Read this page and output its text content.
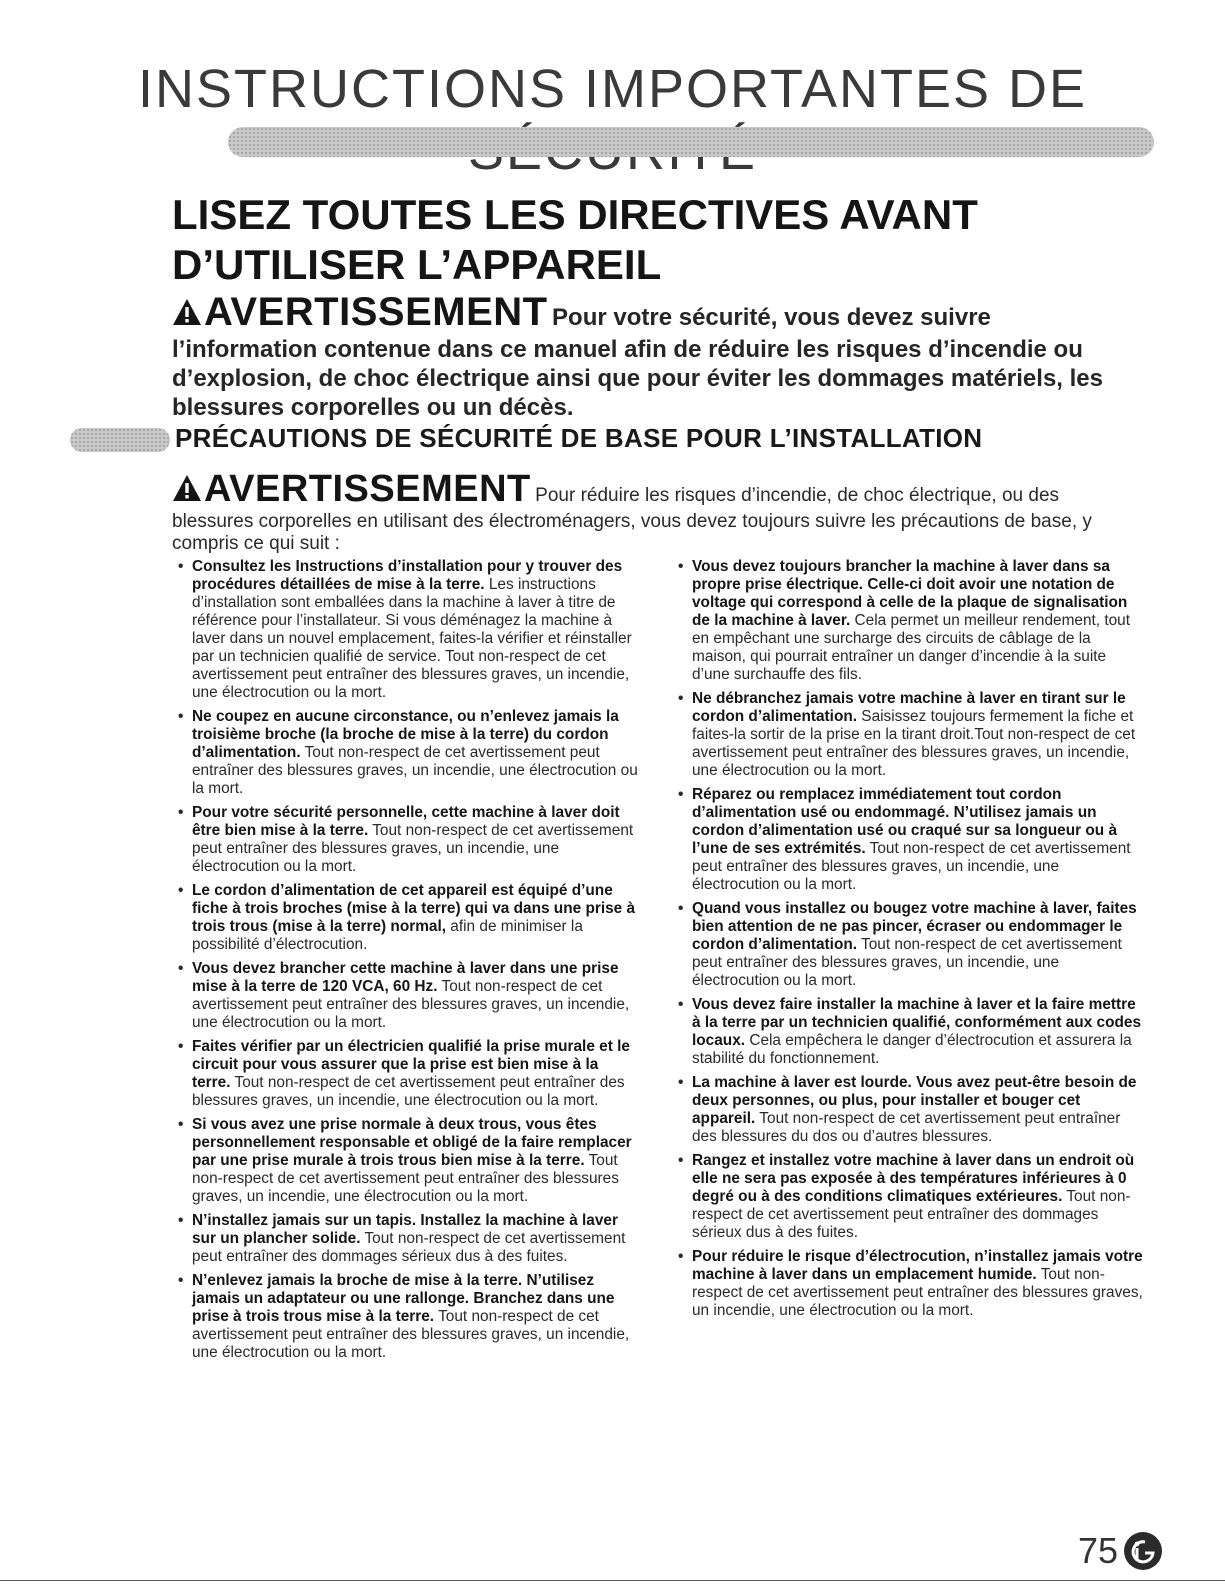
INSTRUCTIONS IMPORTANTES DE
LISEZ TOUTES LES DIRECTIVES AVANT
D’UTILISER L’APPAREIL

AVERTISSEMENT Pour votre sécurité, vous devez suivre l’information contenue dans ce manuel afin de réduire les risques d’incendie ou d’explosion, de choc électrique ainsi que pour éviter les dommages matériels, les blessures corporelles ou un décès.

PRÉCAUTIONS DE SÉCURITÉ DE BASE POUR L’INSTALLATION

AVERTISSEMENT Pour réduire les risques d’incendie, de choc électrique, ou des blessures corporelles en utilisant des électroménagers, vous devez toujours suivre les précautions de base, y compris ce qui suit :

• Consultez les Instructions d’installation pour y trouver des procédures détaillées de mise à la terre. Les instructions d’installation sont emballées dans la machine à laver à titre de référence pour l’installateur. Si vous déménagez la machine à laver dans un nouvel emplacement, faites-la vérifier et réinstaller par un technicien qualifié de service. Tout non-respect de cet avertissement peut entraîner des blessures graves, un incendie, une électrocution ou la mort.

• Ne coupez en aucune circonstance, ou n’enlevez jamais la troisième broche (la broche de mise à la terre) du cordon d’alimentation. Tout non-respect de cet avertissement peut entraîner des blessures graves, un incendie, une électrocution ou la mort.

• Pour votre sécurité personnelle, cette machine à laver doit être bien mise à la terre. Tout non-respect de cet avertissement peut entraîner des blessures graves, un incendie, une électrocution ou la mort.

• Le cordon d’alimentation de cet appareil est équipé d’une fiche à trois broches (mise à la terre) qui va dans une prise à trois trous (mise à la terre) normal, afin de minimiser la possibilité d’électrocution.

• Vous devez brancher cette machine à laver dans une prise mise à la terre de 120 VCA, 60 Hz. Tout non-respect de cet avertissement peut entraîner des blessures graves, un incendie, une électrocution ou la mort.

• Faites vérifier par un électricien qualifié la prise murale et le circuit pour vous assurer que la prise est bien mise à la terre. Tout non-respect de cet avertissement peut entraîner des blessures graves, un incendie, une électrocution ou la mort.

• Si vous avez une prise normale à deux trous, vous êtes personnellement responsable et obligé de la faire remplacer par une prise murale à trois trous bien mise à la terre. Tout non-respect de cet avertissement peut entraîner des blessures graves, un incendie, une électrocution ou la mort.

• N’installez jamais sur un tapis. Installez la machine à laver sur un plancher solide. Tout non-respect de cet avertissement peut entraîner des dommages sérieux dus à des fuites.

• N’enlevez jamais la broche de mise à la terre. N’utilisez jamais un adaptateur ou une rallonge. Branchez dans une prise à trois trous mise à la terre. Tout non-respect de cet avertissement peut entraîner des blessures graves, un incendie, une électrocution ou la mort.

• Vous devez toujours brancher la machine à laver dans sa propre prise électrique. Celle-ci doit avoir une notation de voltage qui correspond à celle de la plaque de signalisation de la machine à laver. Cela permet un meilleur rendement, tout en empêchant une surcharge des circuits de câblage de la maison, qui pourrait entraîner un danger d’incendie à la suite d’une surchauffe des fils.

• Ne débranchez jamais votre machine à laver en tirant sur le cordon d’alimentation. Saisissez toujours fermement la fiche et faites-la sortir de la prise en la tirant droit.Tout non-respect de cet avertissement peut entraîner des blessures graves, un incendie, une électrocution ou la mort.

• Réparez ou remplacez immédiatement tout cordon d’alimentation usé ou endommagé. N’utilisez jamais un cordon d’alimentation usé ou craqué sur sa longueur ou à l’une de ses extrémités. Tout non-respect de cet avertissement peut entraîner des blessures graves, un incendie, une électrocution ou la mort.

• Quand vous installez ou bougez votre machine à laver, faites bien attention de ne pas pincer, écraser ou endommager le cordon d’alimentation. Tout non-respect de cet avertissement peut entraîner des blessures graves, un incendie, une électrocution ou la mort.

• Vous devez faire installer la machine à laver et la faire mettre à la terre par un technicien qualifié, conformément aux codes locaux. Cela empêchera le danger d’électrocution et assurera la stabilité du fonctionnement.

• La machine à laver est lourde. Vous avez peut-être besoin de deux personnes, ou plus, pour installer et bouger cet appareil. Tout non-respect de cet avertissement peut entraîner des blessures du dos ou d’autres blessures.

• Rangez et installez votre machine à laver dans un endroit où elle ne sera pas exposée à des températures inférieures à 0 degré ou à des conditions climatiques extérieures. Tout non-respect de cet avertissement peut entraîner des dommages sérieux dus à des fuites.

• Pour réduire le risque d’électrocution, n’installez jamais votre machine à laver dans un emplacement humide. Tout non-respect de cet avertissement peut entraîner des blessures graves, un incendie, une électrocution ou la mort.

75
